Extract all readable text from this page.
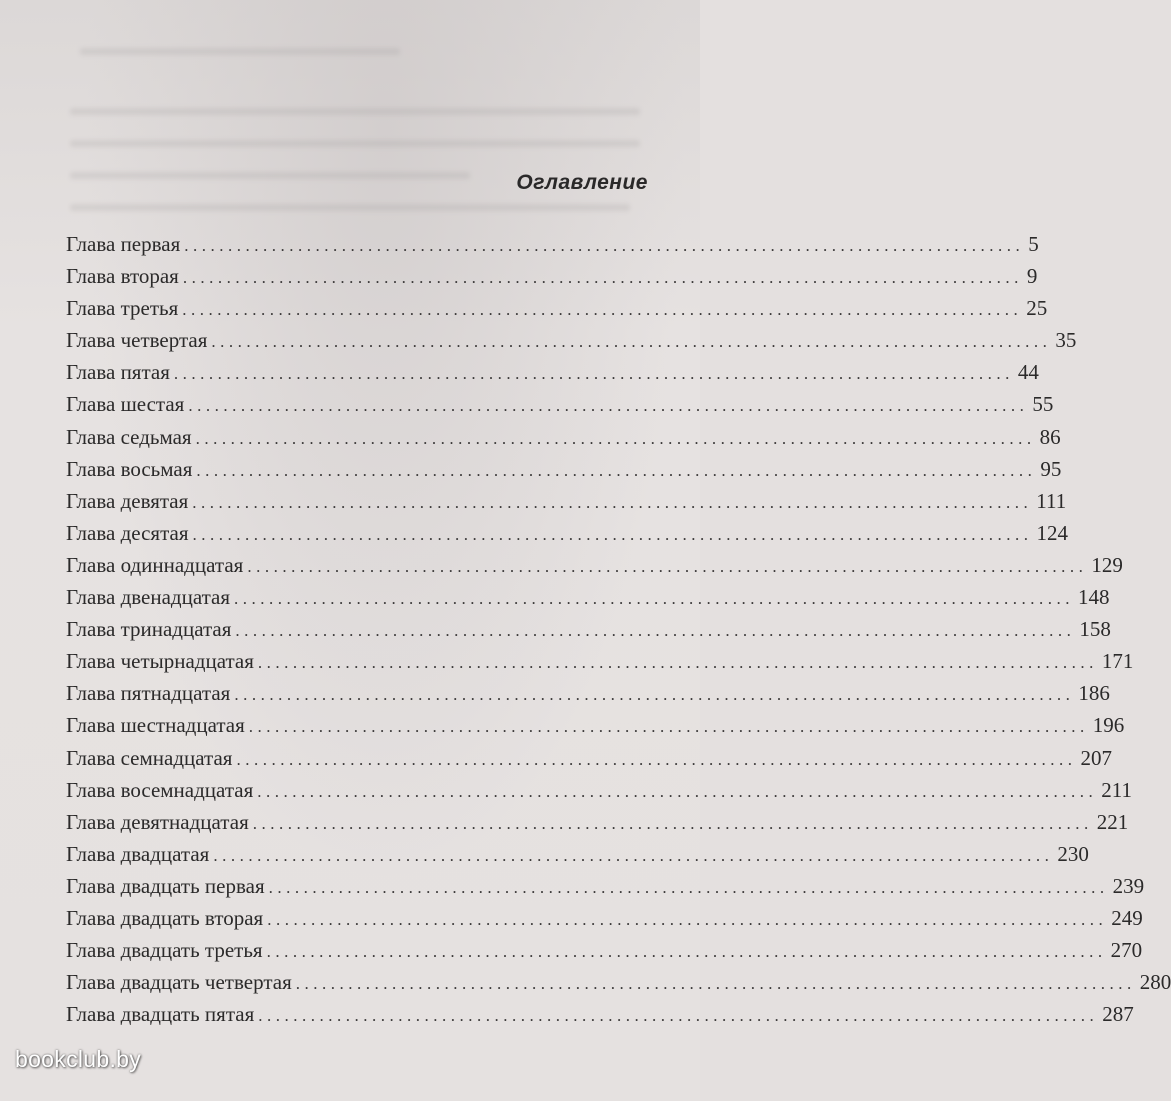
Оглавление
Глава первая ................................................................................................ 5
Глава вторая ................................................................................................ 9
Глава третья ................................................................................................ 25
Глава четвертая ................................................................................................ 35
Глава пятая ................................................................................................ 44
Глава шестая ................................................................................................ 55
Глава седьмая ................................................................................................ 86
Глава восьмая ................................................................................................ 95
Глава девятая ................................................................................................ 111
Глава десятая ................................................................................................ 124
Глава одиннадцатая ................................................................................................ 129
Глава двенадцатая ................................................................................................ 148
Глава тринадцатая ................................................................................................ 158
Глава четырнадцатая ................................................................................................ 171
Глава пятнадцатая ................................................................................................ 186
Глава шестнадцатая ................................................................................................ 196
Глава семнадцатая ................................................................................................ 207
Глава восемнадцатая ................................................................................................ 211
Глава девятнадцатая ................................................................................................ 221
Глава двадцатая ................................................................................................ 230
Глава двадцать первая ................................................................................................ 239
Глава двадцать вторая ................................................................................................ 249
Глава двадцать третья ................................................................................................ 270
Глава двадцать четвертая ................................................................................................ 280
Глава двадцать пятая ................................................................................................ 287
bookclub.by
